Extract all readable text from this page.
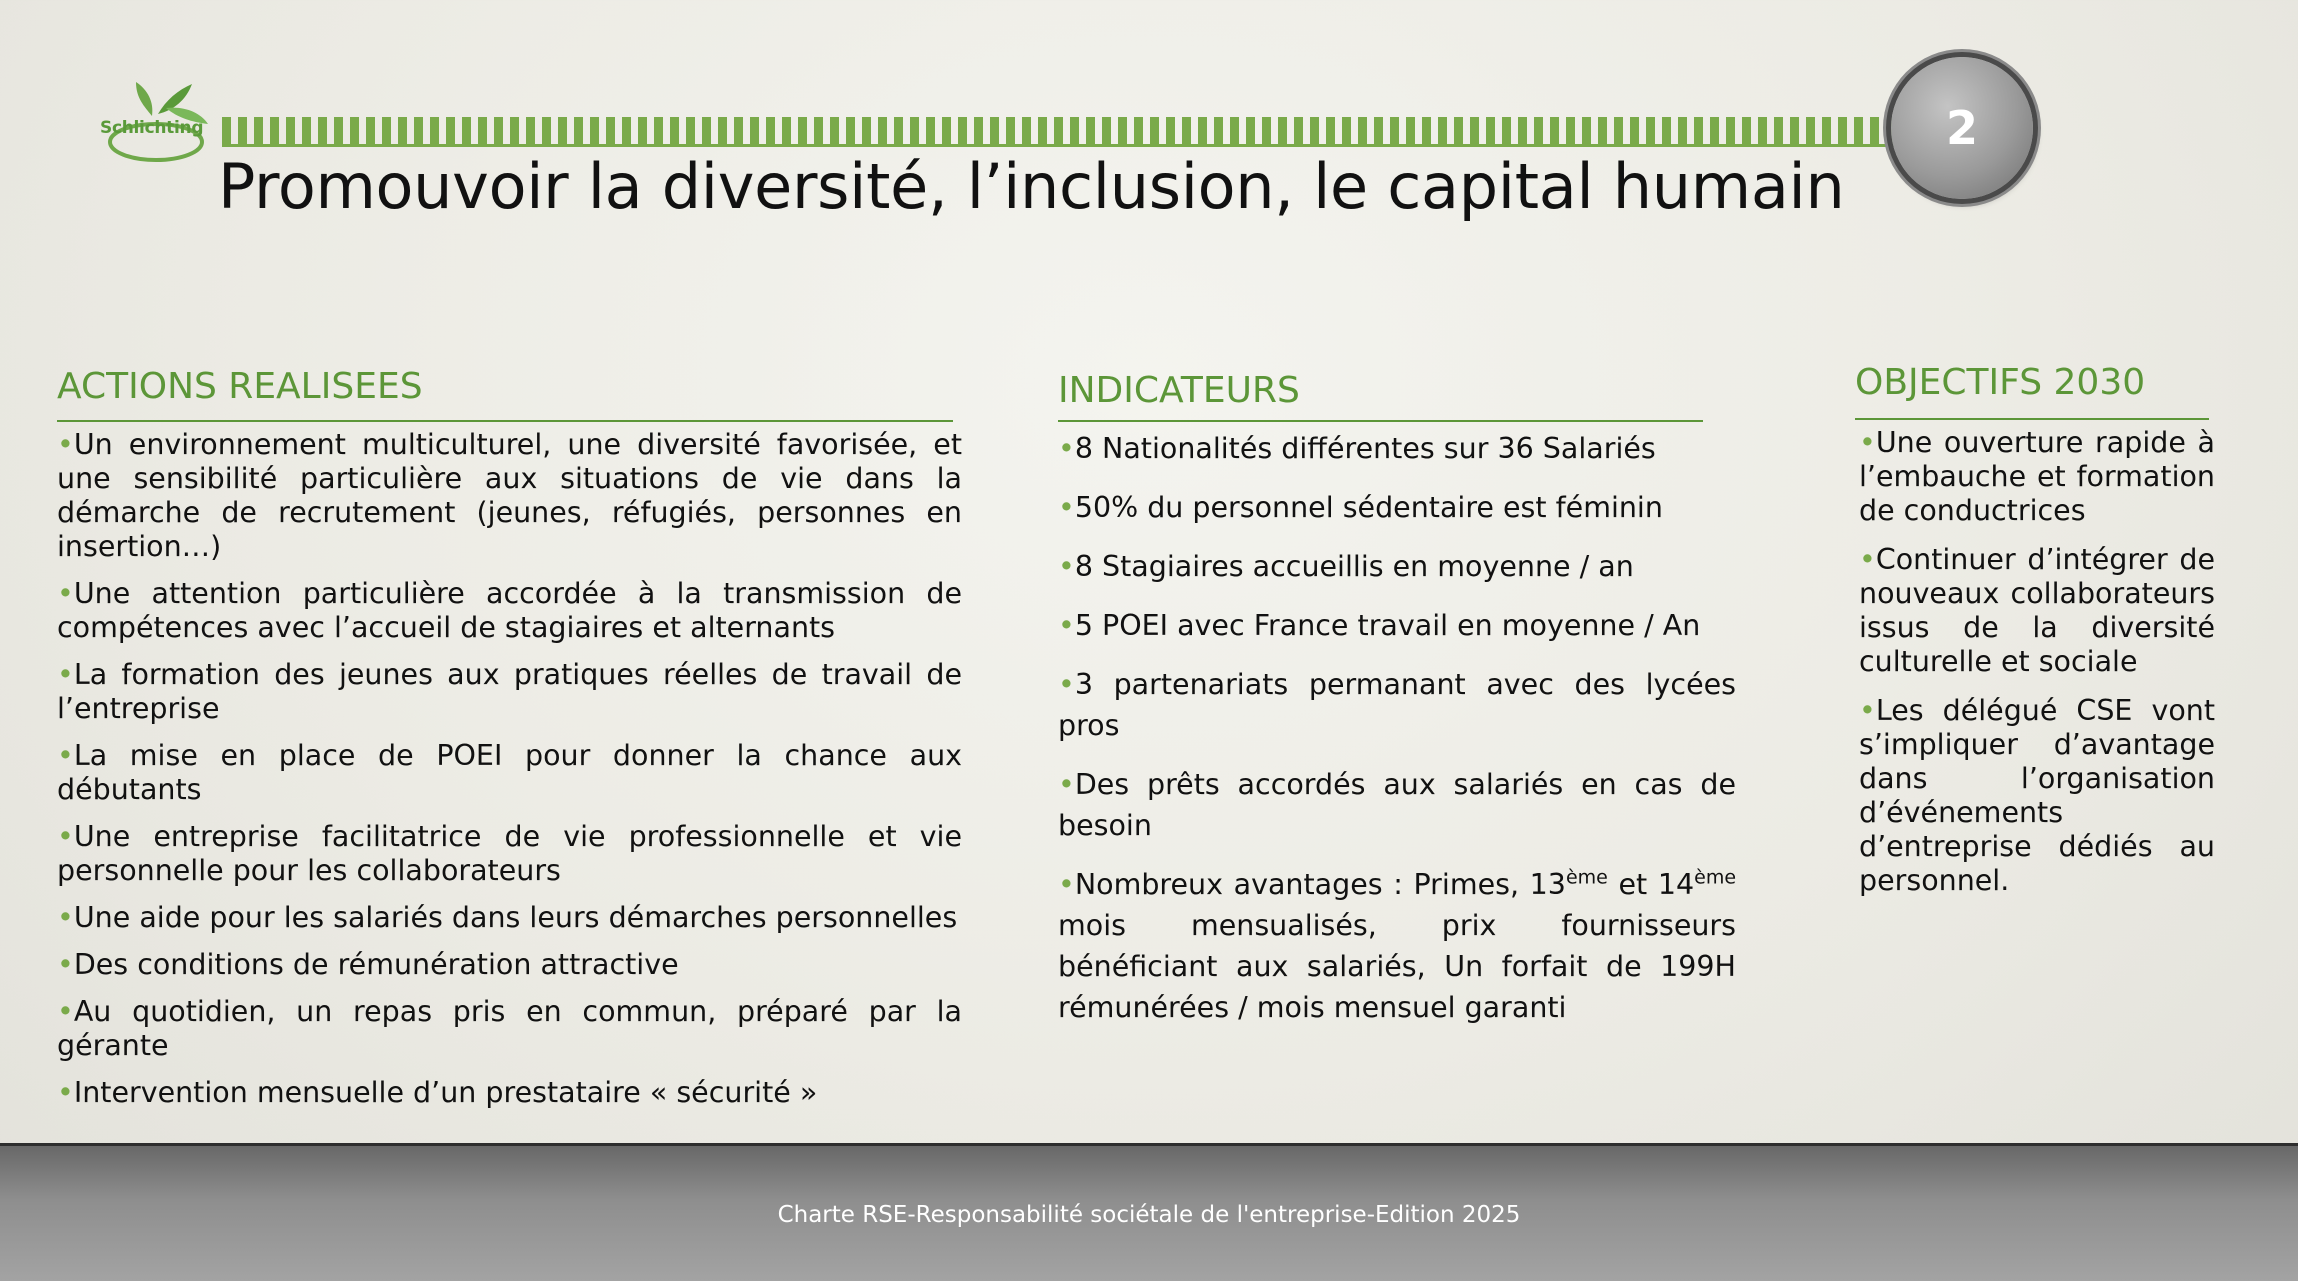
Schlichting	2
Promouvoir la diversité, l’inclusion, le capital humain
ACTIONS REALISEES

•Un environnement multiculturel, une diversité favorisée, et une sensibilité particulière aux situations de vie dans la démarche de recrutement (jeunes, réfugiés, personnes en insertion…)

•Une attention particulière accordée à la transmission de compétences avec l’accueil de stagiaires et alternants

•La formation des jeunes aux pratiques réelles de travail de l’entreprise

•La mise en place de POEI pour donner la chance aux débutants

•Une entreprise facilitatrice de vie professionnelle et vie personnelle pour les collaborateurs

•Une aide pour les salariés dans leurs démarches personnelles

•Des conditions de rémunération attractive

•Au quotidien, un repas pris en commun, préparé par la gérante

•Intervention mensuelle d’un prestataire « sécurité »

INDICATEURS

•8 Nationalités différentes sur 36 Salariés

•50% du personnel sédentaire est féminin

•8 Stagiaires accueillis en moyenne / an

•5 POEI avec France travail en moyenne / An

•3 partenariats permanant avec des lycées pros

•Des prêts accordés aux salariés en cas de besoin

•Nombreux avantages : Primes, 13ème et 14ème mois mensualisés, prix fournisseurs bénéficiant aux salariés, Un forfait de 199H rémunérées / mois mensuel garanti

OBJECTIFS 2030

•Une ouverture rapide à l’embauche et formation de conductrices

•Continuer d’intégrer de nouveaux collaborateurs issus de la diversité culturelle et sociale

•Les délégué CSE vont s’impliquer d’avantage dans l’organisation d’événements d’entreprise dédiés au personnel.

Charte RSE-Responsabilité sociétale de l'entreprise-Edition 2025
